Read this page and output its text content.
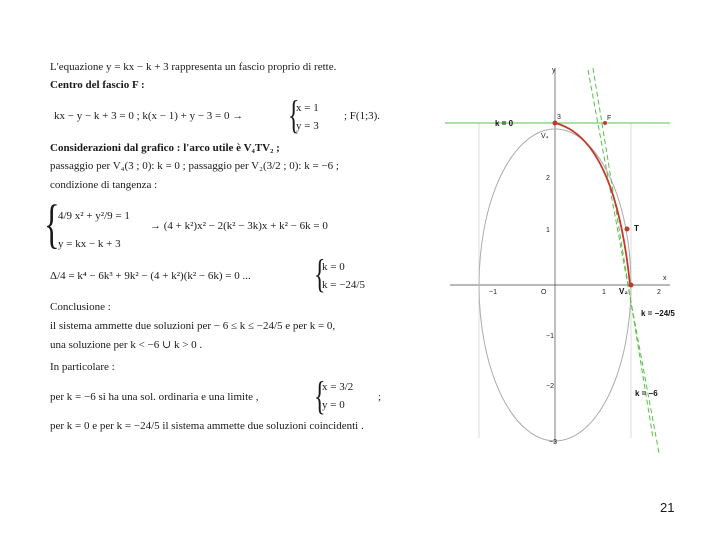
L'equazione y = kx − k + 3 rappresenta un fascio proprio di rette.
Centro del fascio F :
kx − y − k + 3 = 0 ; k(x − 1) + y − 3 = 0 → {
x = 1
y = 3
; F(1;3).
Considerazioni dal grafico : l'arco utile è V₄TV₂ ;
passaggio per V₄(3 ; 0): k = 0 ; passaggio per V₂(3/2 ; 0): k = −6 ;
condizione di tangenza :
{
4/9 x² + y²/9 = 1
y = kx − k + 3
→ (4 + k²)x² − 2(k² − 3k)x + k² − 6k = 0
Δ/4 = k⁴ − 6k³ + 9k² − (4 + k²)(k² − 6k) = 0 ... {
k = 0
k = −24/5
Conclusione :
il sistema ammette due soluzioni per − 6 ≤ k ≤ −24/5 e per k = 0,
una soluzione per k < −6 ∪ k > 0 .
In particolare :
per k = −6 si ha una sol. ordinaria e una limite , {
x = 3/2
y = 0
;
per k = 0 e per k = −24/5 il sistema ammette due soluzioni coincidenti .
y
x
k = 0
F
V₄
3
2
1	T
O	1	2
−1	V₂
k = −24/5
−1
−2
k = −6
−3
21
